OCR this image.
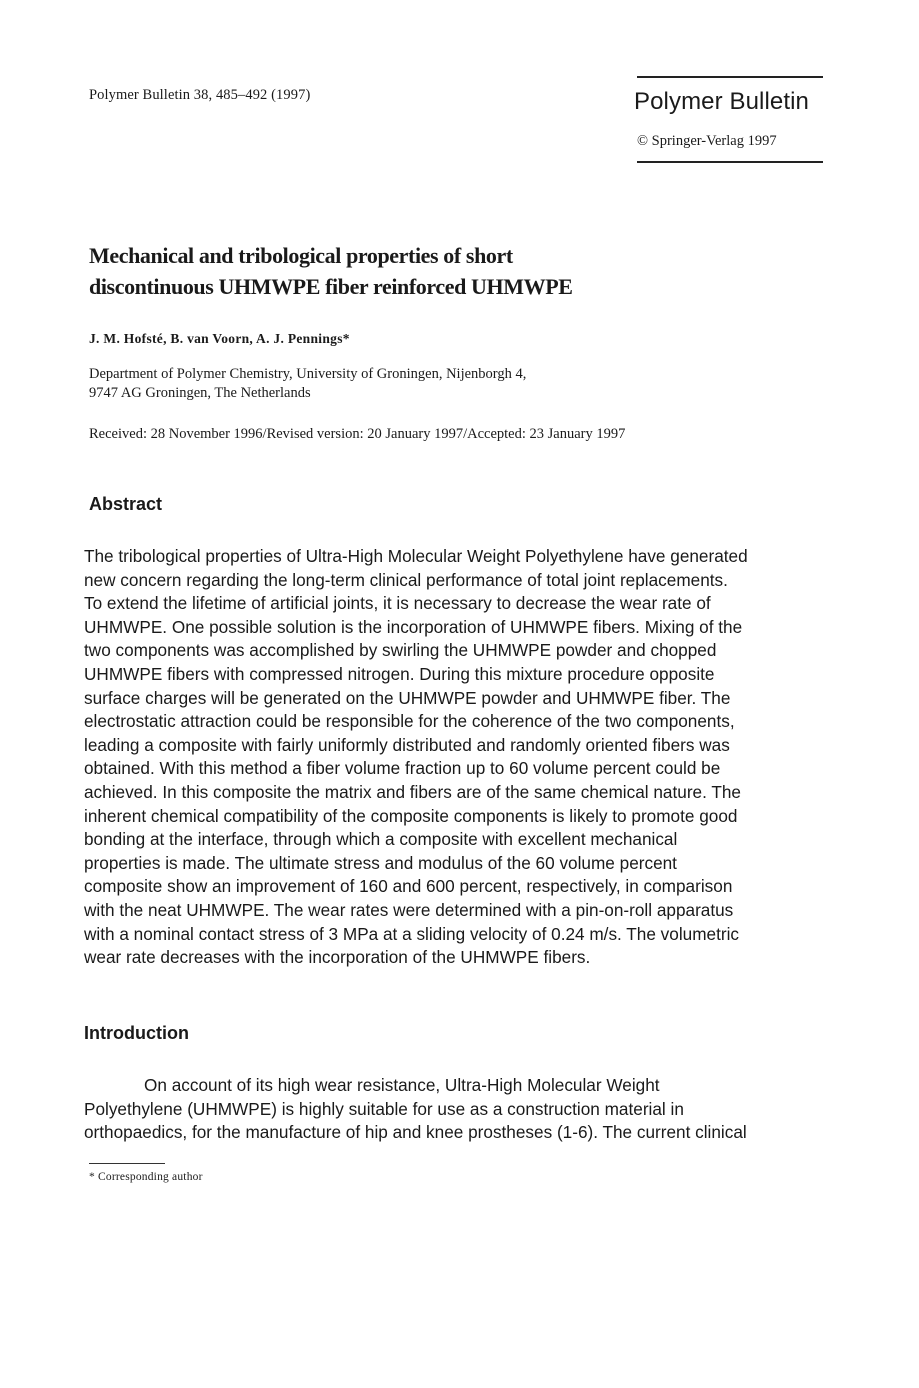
Polymer Bulletin 38, 485–492 (1997)	Polymer Bulletin
© Springer-Verlag 1997
Mechanical and tribological properties of short
discontinuous UHMWPE fiber reinforced UHMWPE
J. M. Hofsté, B. van Voorn, A. J. Pennings*
Department of Polymer Chemistry, University of Groningen, Nijenborgh 4,
9747 AG Groningen, The Netherlands
Received: 28 November 1996/Revised version: 20 January 1997/Accepted: 23 January 1997
Abstract
The tribological properties of Ultra-High Molecular Weight Polyethylene have generated
new concern regarding the long-term clinical performance of total joint replacements.
To extend the lifetime of artificial joints, it is necessary to decrease the wear rate of
UHMWPE. One possible solution is the incorporation of UHMWPE fibers. Mixing of the
two components was accomplished by swirling the UHMWPE powder and chopped
UHMWPE fibers with compressed nitrogen. During this mixture procedure opposite
surface charges will be generated on the UHMWPE powder and UHMWPE fiber. The
electrostatic attraction could be responsible for the coherence of the two components,
leading a composite with fairly uniformly distributed and randomly oriented fibers was
obtained. With this method a fiber volume fraction up to 60 volume percent could be
achieved. In this composite the matrix and fibers are of the same chemical nature. The
inherent chemical compatibility of the composite components is likely to promote good
bonding at the interface, through which a composite with excellent mechanical
properties is made. The ultimate stress and modulus of the 60 volume percent
composite show an improvement of 160 and 600 percent, respectively, in comparison
with the neat UHMWPE. The wear rates were determined with a pin-on-roll apparatus
with a nominal contact stress of 3 MPa at a sliding velocity of 0.24 m/s. The volumetric
wear rate decreases with the incorporation of the UHMWPE fibers.
Introduction
On account of its high wear resistance, Ultra-High Molecular Weight
Polyethylene (UHMWPE) is highly suitable for use as a construction material in
orthopaedics, for the manufacture of hip and knee prostheses (1-6). The current clinical
* Corresponding author
